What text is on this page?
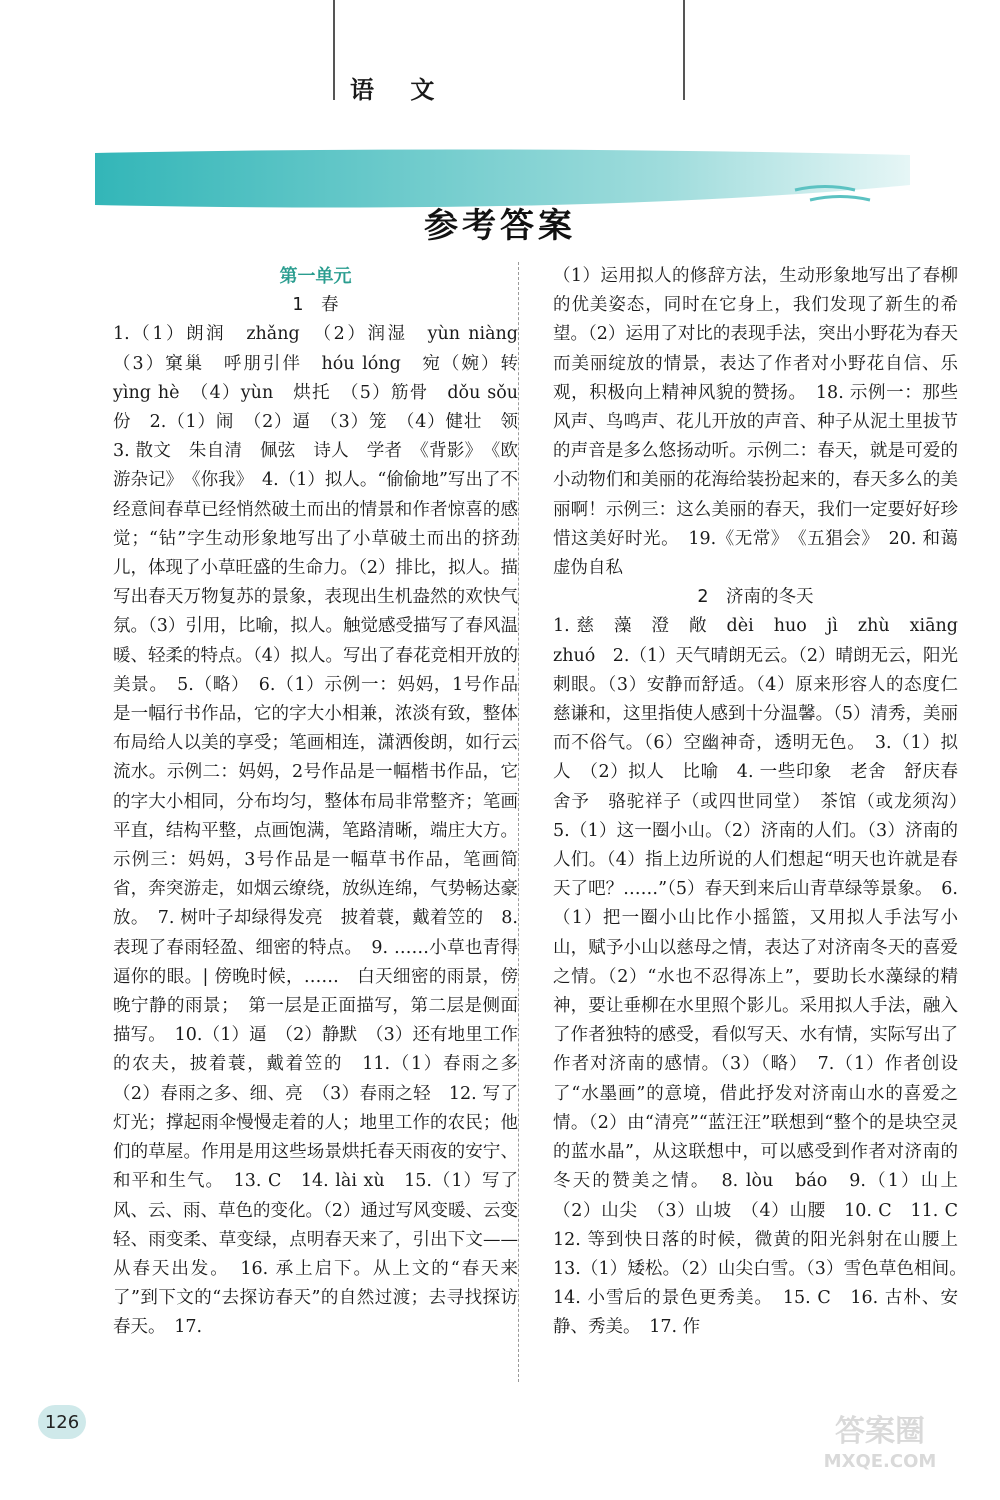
语 文 同
步
训
练
参考答案

第一单元

1　春

1.（1）朗润　zhǎng　（2）润湿　yùn niàng　（3）窠巢　呼朋引伴　hóu lóng　宛（婉）转　yìng hè　（4）yùn　烘托　（5）筋骨　dǒu sǒu　份　2.（1）闹　（2）逼　（3）笼　（4）健壮　领　3. 散文　朱自清　佩弦　诗人　学者　《背影》　《欧游杂记》　《你我》　4.（1）拟人。“偷偷地”写出了不经意间春草已经悄然破土而出的情景和作者惊喜的感觉；“钻”字生动形象地写出了小草破土而出的挤劲儿，体现了小草旺盛的生命力。（2）排比，拟人。描写出春天万物复苏的景象，表现出生机盎然的欢快气氛。（3）引用，比喻，拟人。触觉感受描写了春风温暖、轻柔的特点。（4）拟人。写出了春花竞相开放的美景。　5.（略）　6.（1）示例一：妈妈，1号作品是一幅行书作品，它的字大小相兼，浓淡有致，整体布局给人以美的享受；笔画相连，潇洒俊朗，如行云流水。示例二：妈妈，2号作品是一幅楷书作品，它的字大小相同，分布均匀，整体布局非常整齐；笔画平直，结构平整，点画饱满，笔路清晰，端庄大方。示例三：妈妈，3号作品是一幅草书作品，笔画简省，奔突游走，如烟云缭绕，放纵连绵，气势畅达豪放。　7. 树叶子却绿得发亮　披着蓑，戴着笠的　8. 表现了春雨轻盈、细密的特点。　9. ……小草也青得逼你的眼。| 傍晚时候，……　白天细密的雨景，傍晚宁静的雨景；　第一层是正面描写，第二层是侧面描写。　10.（1）逼　（2）静默　（3）还有地里工作的农夫，披着蓑，戴着笠的　11.（1）春雨之多　（2）春雨之多、细、亮　（3）春雨之轻　12. 写了灯光；撑起雨伞慢慢走着的人；地里工作的农民；他们的草屋。作用是用这些场景烘托春天雨夜的安宁、和平和生气。　13. C　14. lài xù　15.（1）写了风、云、雨、草色的变化。（2）通过写风变暖、云变轻、雨变柔、草变绿，点明春天来了，引出下文——从春天出发。　16. 承上启下。从上文的“春天来了”到下文的“去探访春天”的自然过渡；去寻找探访春天。　17.

（1）运用拟人的修辞方法，生动形象地写出了春柳的优美姿态，同时在它身上，我们发现了新生的希望。（2）运用了对比的表现手法，突出小野花为春天而美丽绽放的情景，表达了作者对小野花自信、乐观，积极向上精神风貌的赞扬。　18. 示例一：那些风声、鸟鸣声、花儿开放的声音、种子从泥土里拔节的声音是多么悠扬动听。示例二：春天，就是可爱的小动物们和美丽的花海给装扮起来的，春天多么的美丽啊！示例三：这么美丽的春天，我们一定要好好珍惜这美好时光。　19.《无常》　《五猖会》　20. 和蔼　虚伪自私

2　济南的冬天

1. 慈　藻　澄　敞　dèi　huo　jì　zhù　xiāng　zhuó　2.（1）天气晴朗无云。（2）晴朗无云，阳光刺眼。（3）安静而舒适。（4）原来形容人的态度仁慈谦和，这里指使人感到十分温馨。（5）清秀，美丽而不俗气。（6）空幽神奇，透明无色。　3.（1）拟人　（2）拟人　比喻　4. 一些印象　老舍　舒庆春　舍予　骆驼祥子（或四世同堂）　茶馆（或龙须沟）　5.（1）这一圈小山。（2）济南的人们。（3）济南的人们。（4）指上边所说的人们想起“明天也许就是春天了吧？……”（5）春天到来后山青草绿等景象。　6.（1）把一圈小山比作小摇篮，又用拟人手法写小山，赋予小山以慈母之情，表达了对济南冬天的喜爱之情。（2）“水也不忍得冻上”，要助长水藻绿的精神，要让垂柳在水里照个影儿。采用拟人手法，融入了作者独特的感受，看似写天、水有情，实际写出了作者对济南的感情。（3）（略）　7.（1）作者创设了“水墨画”的意境，借此抒发对济南山水的喜爱之情。（2）由“清亮”“蓝汪汪”联想到“整个的是块空灵的蓝水晶”，从这联想中，可以感受到作者对济南的冬天的赞美之情。　8. lòu　báo　9.（1）山上　（2）山尖　（3）山坡　（4）山腰　10. C　11. C　12. 等到快日落的时候，微黄的阳光斜射在山腰上　13.（1）矮松。（2）山尖白雪。（3）雪色草色相间。　14. 小雪后的景色更秀美。　15. C　16. 古朴、安静、秀美。　17. 作

126	答案圈
MXQE.COM
